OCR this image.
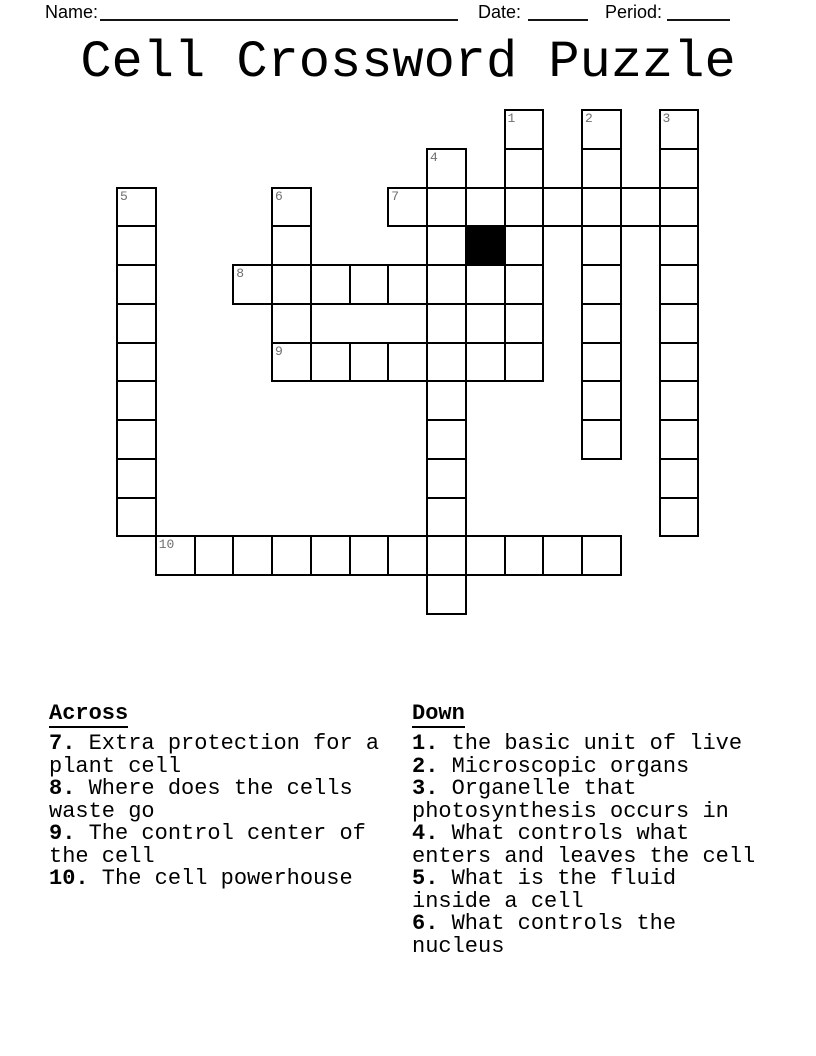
Name:	Date:	Period:
Cell Crossword Puzzle
1	2	3
4
5	6	7
8
9
10
Across
7. Extra protection for a plant cell
8. Where does the cells waste go
9. The control center of the cell
10. The cell powerhouse
Down
1. the basic unit of live
2. Microscopic organs
3. Organelle that photosynthesis occurs in
4. What controls what enters and leaves the cell
5. What is the fluid inside a cell
6. What controls the nucleus
